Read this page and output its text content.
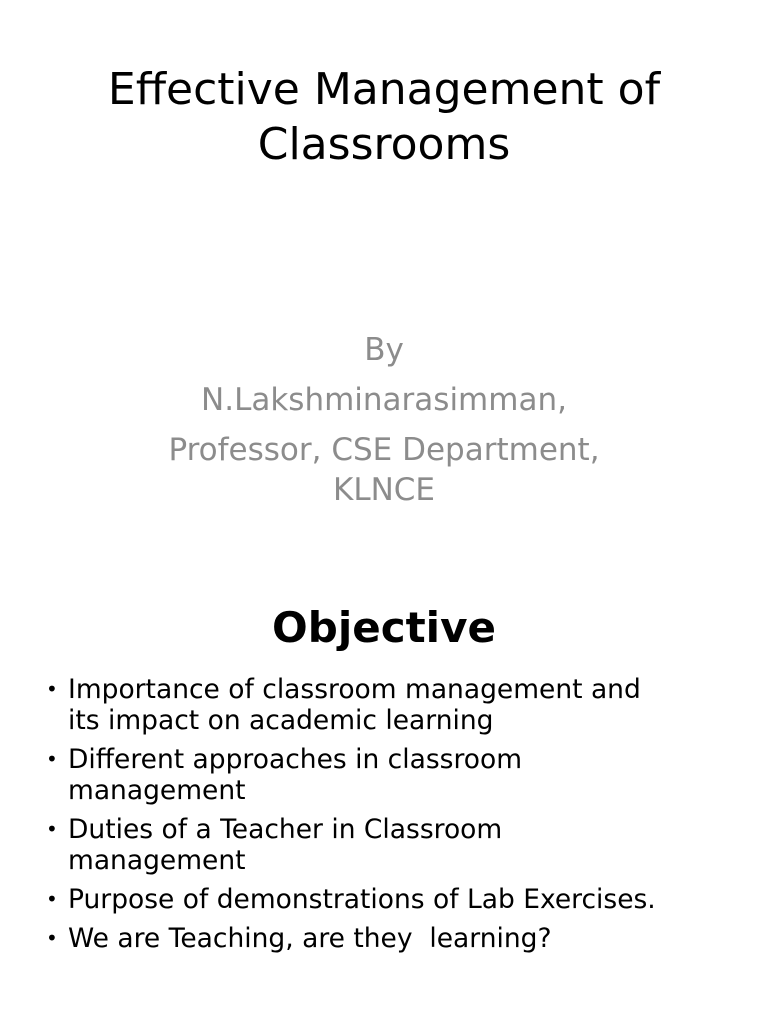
Effective Management of
Classrooms
By
N.Lakshminarasimman,
Professor, CSE Department,
KLNCE
Objective
• Importance of classroom management and
its impact on academic learning
• Different approaches in classroom
management
• Duties of a Teacher in Classroom
management
• Purpose of demonstrations of Lab Exercises.
• We are Teaching, are they  learning?
